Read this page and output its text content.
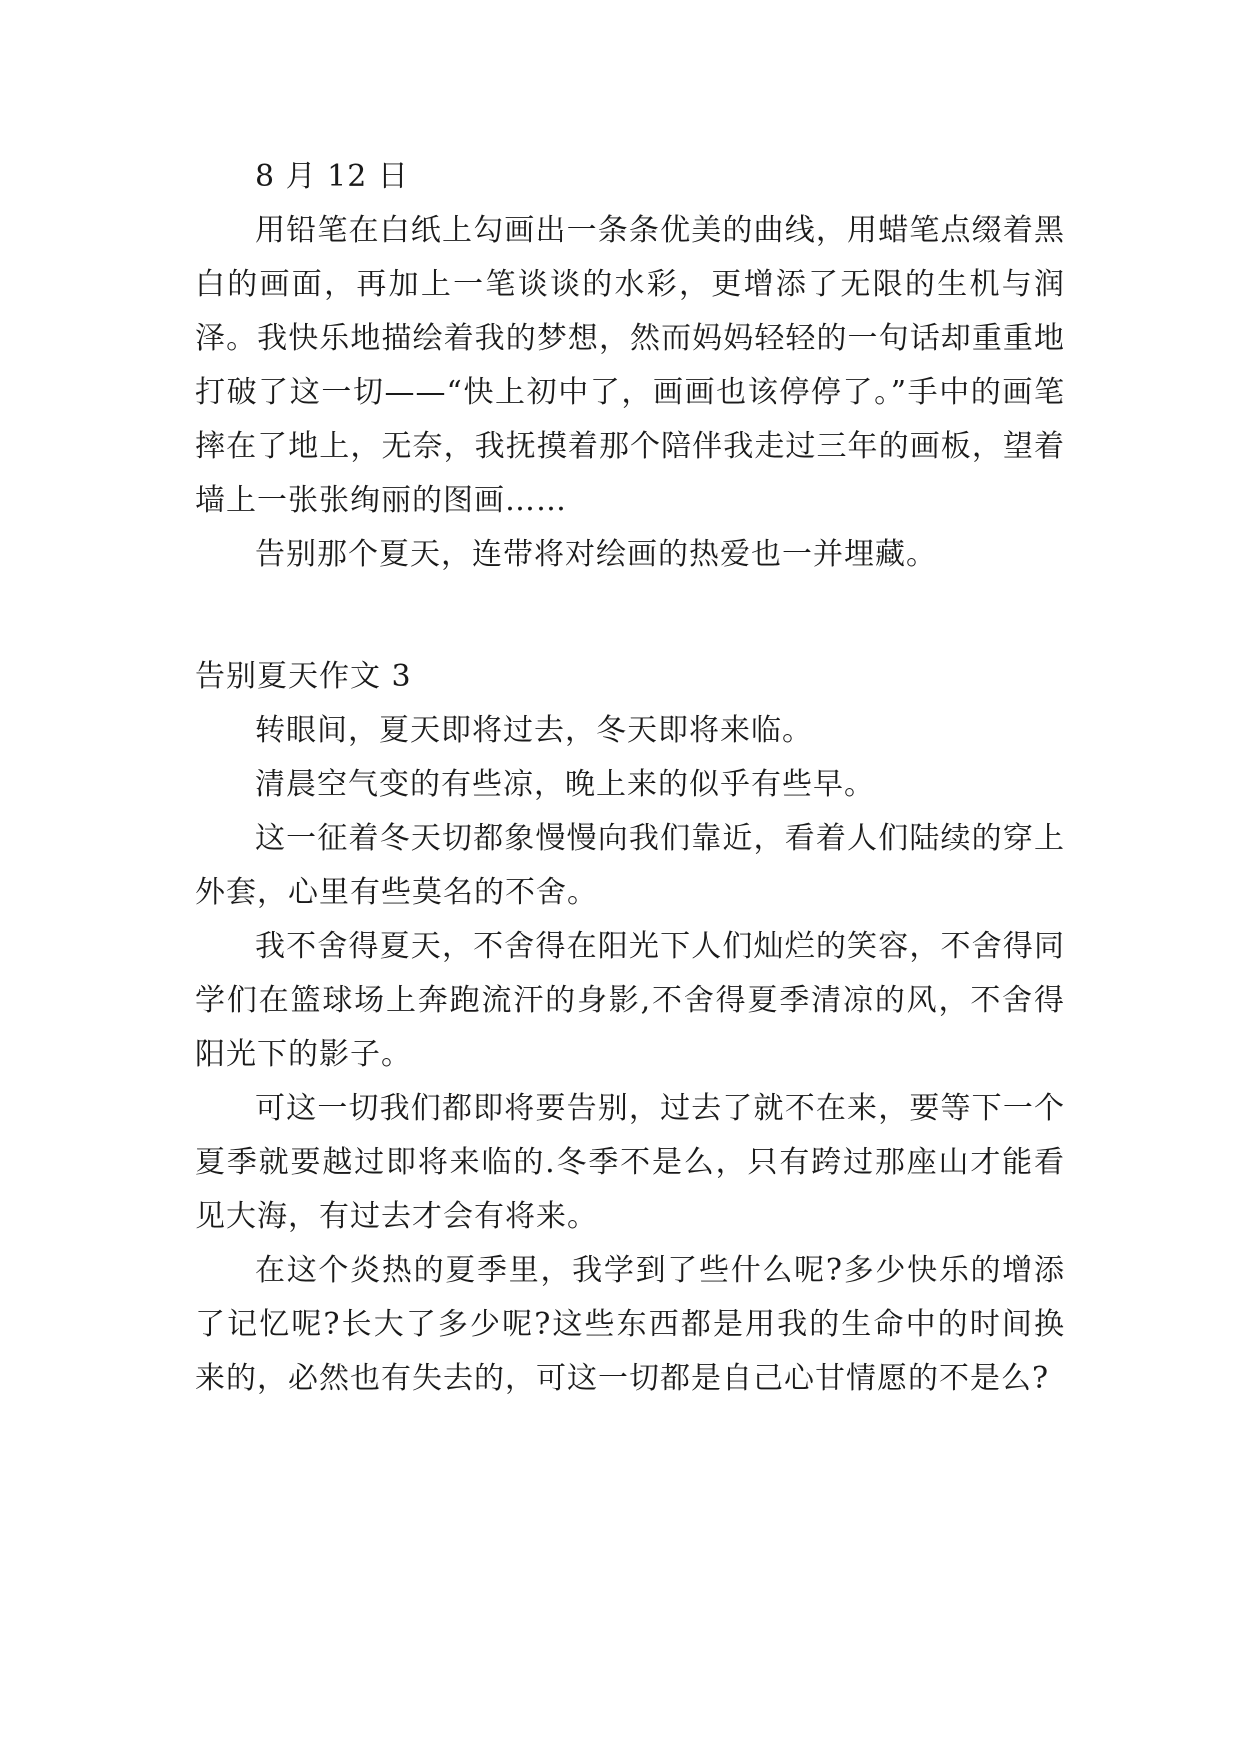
8 月 12 日

用铅笔在白纸上勾画出一条条优美的曲线，用蜡笔点缀着黑白的画面，再加上一笔谈谈的水彩，更增添了无限的生机与润泽。我快乐地描绘着我的梦想，然而妈妈轻轻的一句话却重重地打破了这一切——“快上初中了，画画也该停停了。”手中的画笔摔在了地上，无奈，我抚摸着那个陪伴我走过三年的画板，望着墙上一张张绚丽的图画……

告别那个夏天，连带将对绘画的热爱也一并埋藏。

告别夏天作文 3

转眼间，夏天即将过去，冬天即将来临。

清晨空气变的有些凉，晚上来的似乎有些早。

这一征着冬天切都象慢慢向我们靠近，看着人们陆续的穿上外套，心里有些莫名的不舍。

我不舍得夏天，不舍得在阳光下人们灿烂的笑容，不舍得同学们在篮球场上奔跑流汗的身影,不舍得夏季清凉的风，不舍得阳光下的影子。

可这一切我们都即将要告别，过去了就不在来，要等下一个夏季就要越过即将来临的.冬季不是么，只有跨过那座山才能看见大海，有过去才会有将来。

在这个炎热的夏季里，我学到了些什么呢?多少快乐的增添了记忆呢?长大了多少呢?这些东西都是用我的生命中的时间换来的，必然也有失去的，可这一切都是自己心甘情愿的不是么?
